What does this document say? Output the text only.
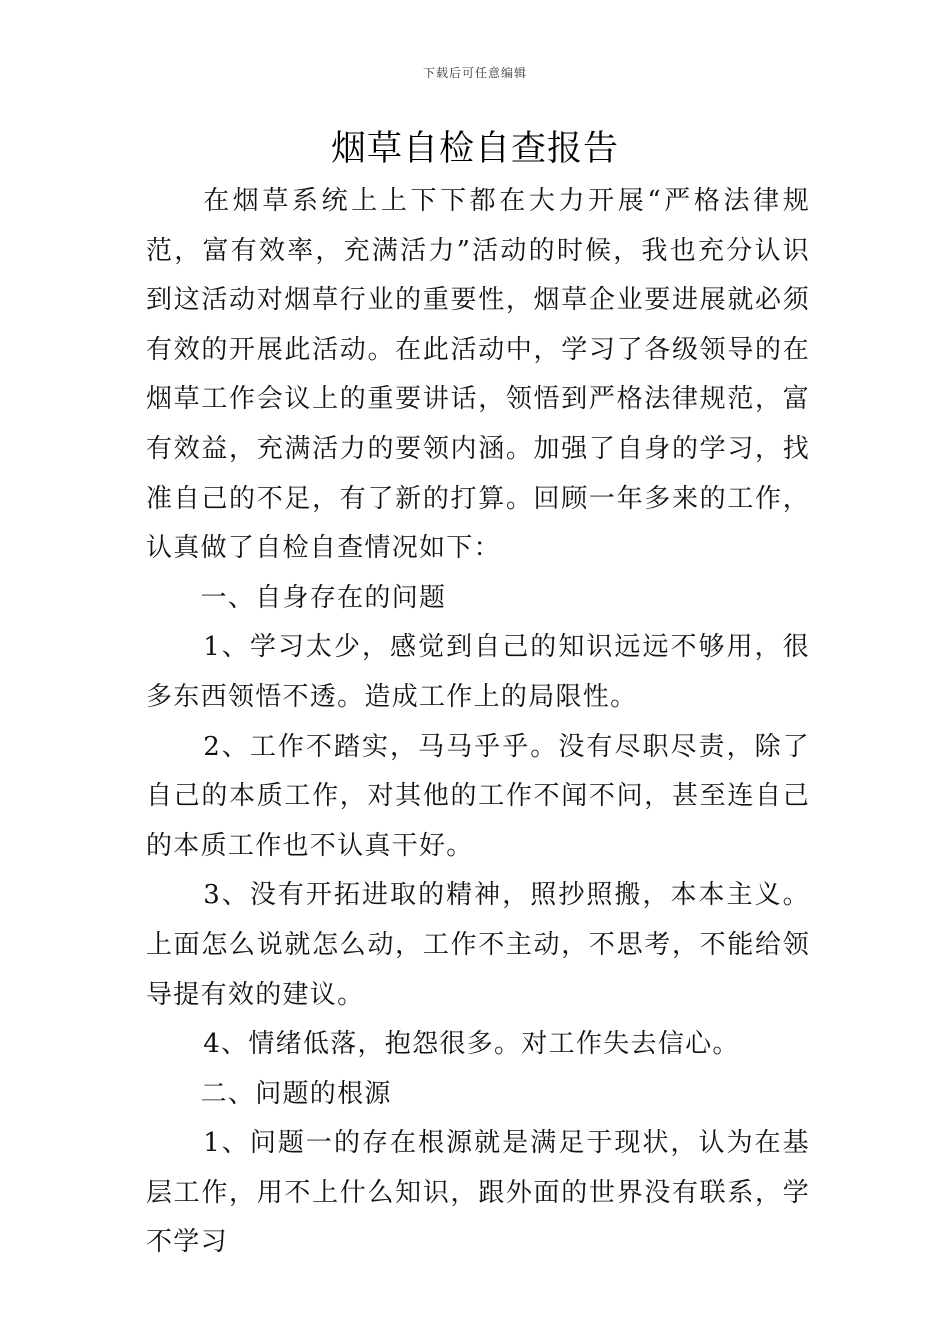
下载后可任意编辑
烟草自检自查报告

在烟草系统上上下下都在大力开展“严格法律规范，富有效率，充满活力”活动的时候，我也充分认识到这活动对烟草行业的重要性，烟草企业要进展就必须有效的开展此活动。在此活动中，学习了各级领导的在烟草工作会议上的重要讲话，领悟到严格法律规范，富有效益，充满活力的要领内涵。加强了自身的学习，找准自己的不足，有了新的打算。回顾一年多来的工作，认真做了自检自查情况如下：

一、自身存在的问题

1、学习太少，感觉到自己的知识远远不够用，很多东西领悟不透。造成工作上的局限性。

2、工作不踏实，马马乎乎。没有尽职尽责，除了自己的本质工作，对其他的工作不闻不问，甚至连自己的本质工作也不认真干好。

3、没有开拓进取的精神，照抄照搬，本本主义。上面怎么说就怎么动，工作不主动，不思考，不能给领导提有效的建议。

4、情绪低落，抱怨很多。对工作失去信心。

二、问题的根源

1、问题一的存在根源就是满足于现状，认为在基层工作，用不上什么知识，跟外面的世界没有联系，学不学习
